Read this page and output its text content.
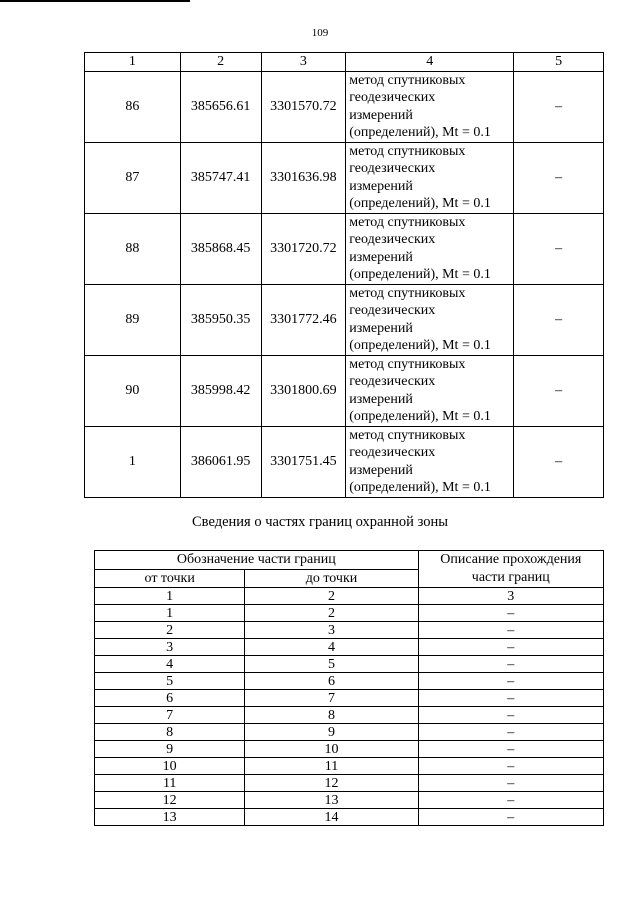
109
1	2	3	4	5
86	385656.61	3301570.72	метод спутниковых
геодезических
измерений
(определений), Mt = 0.1	–
87	385747.41	3301636.98	метод спутниковых
геодезических
измерений
(определений), Mt = 0.1	–
88	385868.45	3301720.72	метод спутниковых
геодезических
измерений
(определений), Mt = 0.1	–
89	385950.35	3301772.46	метод спутниковых
геодезических
измерений
(определений), Mt = 0.1	–
90	385998.42	3301800.69	метод спутниковых
геодезических
измерений
(определений), Mt = 0.1	–
1	386061.95	3301751.45	метод спутниковых
геодезических
измерений
(определений), Mt = 0.1	–
Сведения о частях границ охранной зоны
Обозначение части границ		Описание прохождения
части границ

от точки	до точки	
1	2	3
1	2	–
2	3	–
3	4	–
4	5	–
5	6	–
6	7	–
7	8	–
8	9	–
9	10	–
10	11	–
11	12	–
12	13	–
13	14	–
